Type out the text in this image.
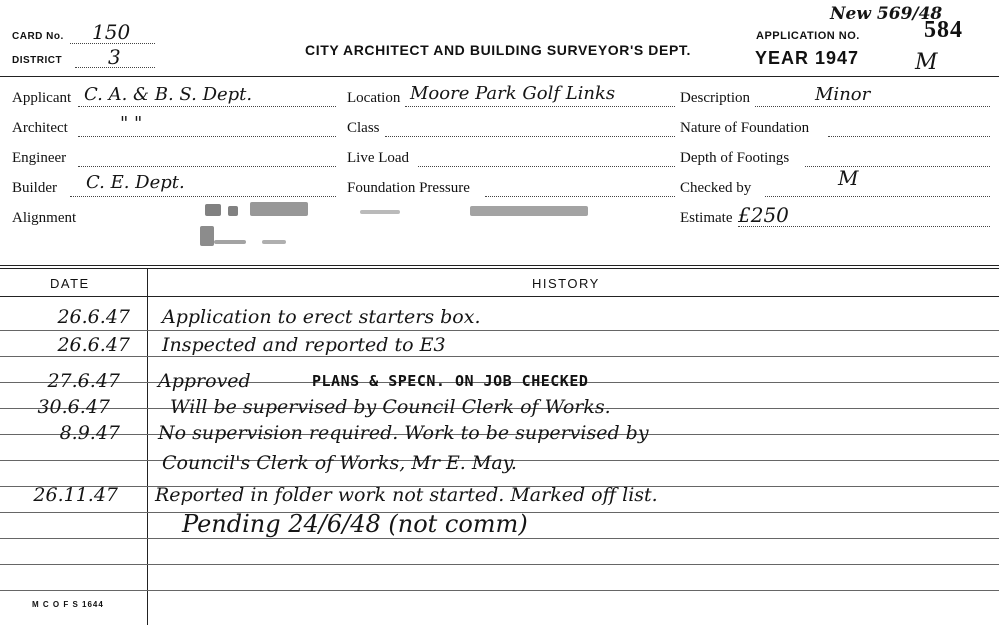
CARD No. 150
DISTRICT 3	CITY ARCHITECT AND BUILDING SURVEYOR'S DEPT.
New 569/48
APPLICATION NO.	584
YEAR 1947	M
Applicant C. A. & B. S. Dept.
Architect	" "
Engineer
Builder C. E. Dept.
Alignment
Location Moore Park Golf Links
Class
Live Load
Foundation Pressure
Description	Minor
Nature of Foundation
Depth of Footings
Checked by	M
Estimate £250
DATE	HISTORY
26.6.47 Application to erect starters box.
26.6.47 Inspected and reported to E3
27.6.47 Approved	PLANS & SPECN. ON JOB CHECKED
30.6.47	Will be supervised by Council Clerk of Works.
8.9.47 No supervision required. Work to be supervised by
Council's Clerk of Works, Mr E. May.
26.11.47 Reported in folder work not started. Marked off list.
Pending 24/6/48 (not comm)
M C O F S 1644
